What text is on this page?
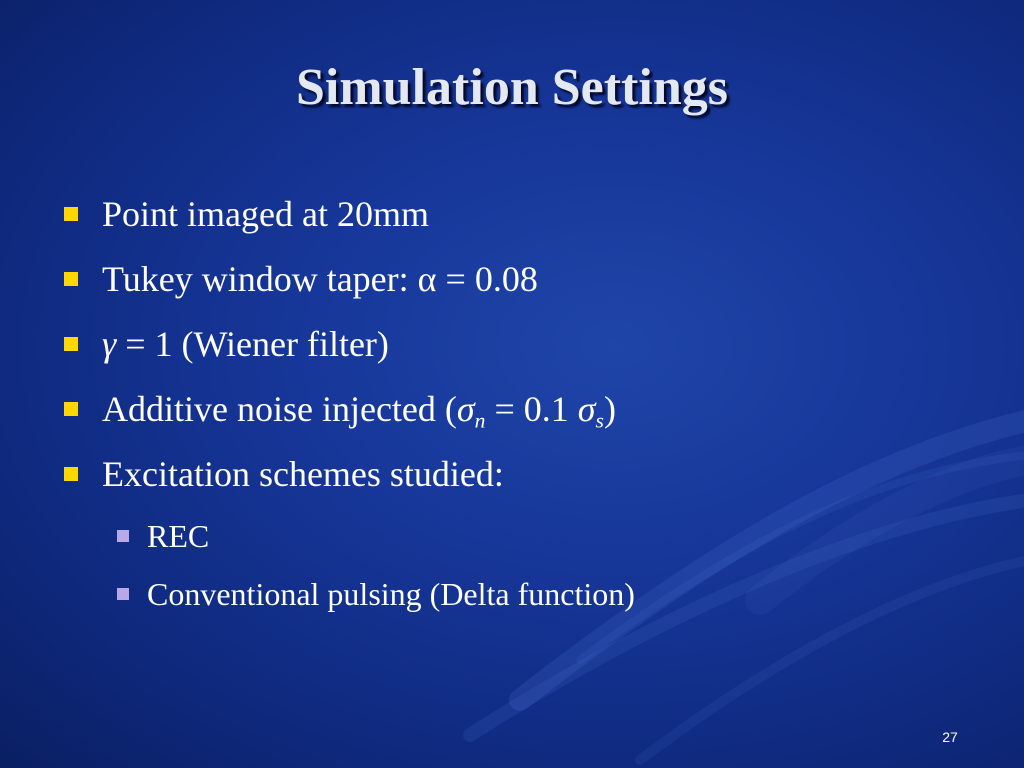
Simulation Settings
Point imaged at 20mm
Tukey window taper: α = 0.08
γ = 1 (Wiener filter)
Additive noise injected ($\sigma_n = 0.1$ $\sigma_s$)
Excitation schemes studied:
REC
Conventional pulsing (Delta function)
27
